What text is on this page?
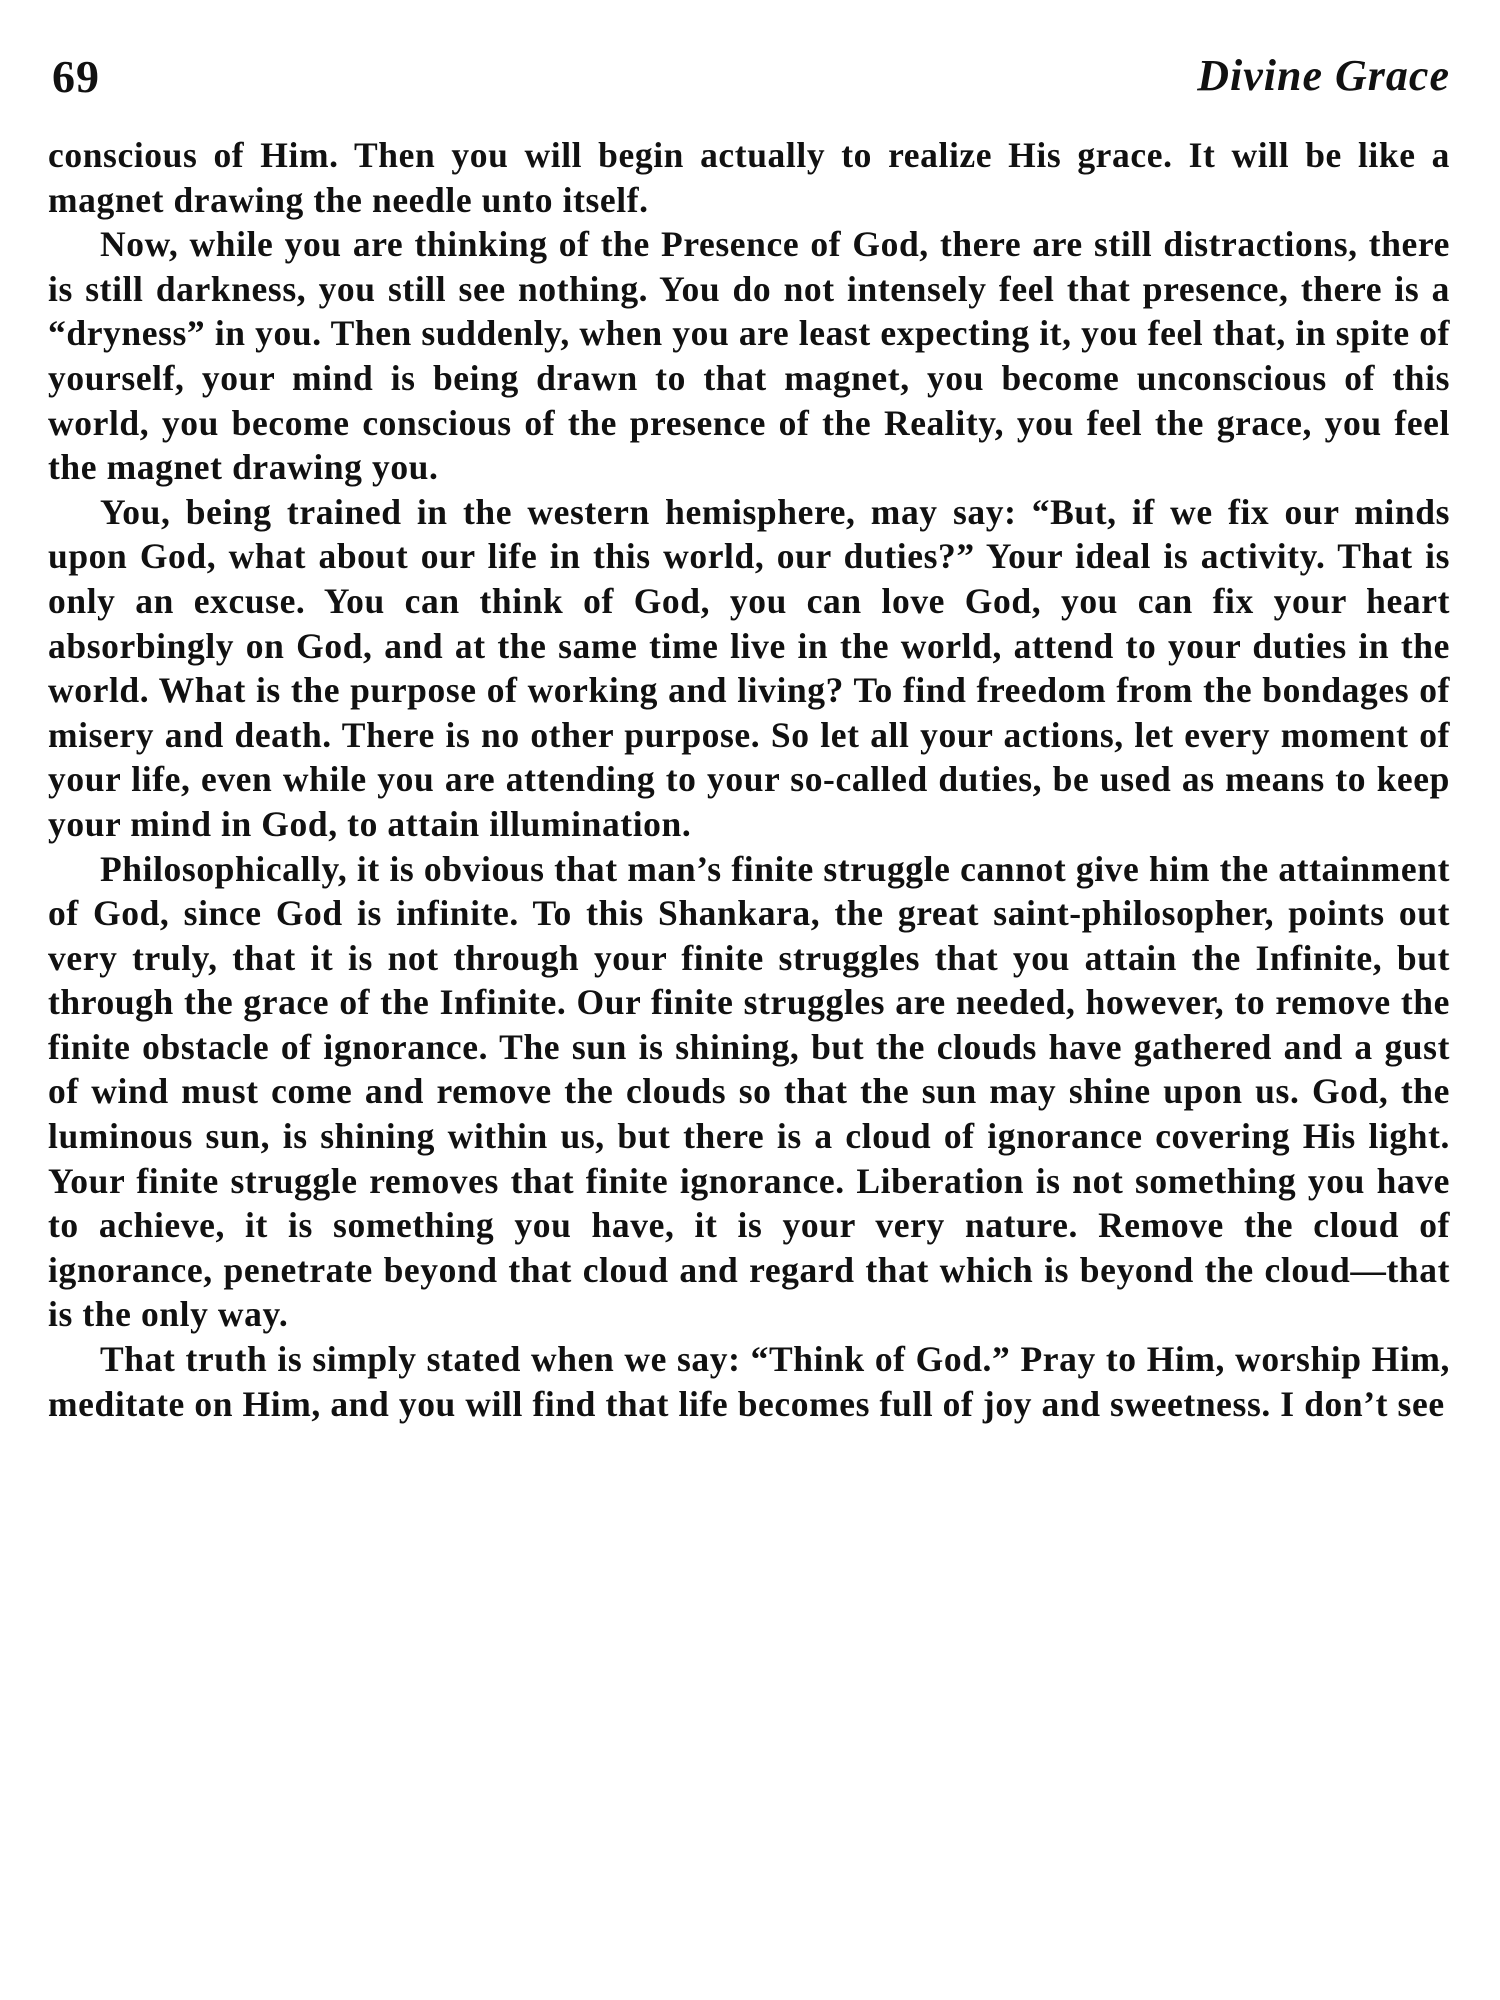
69	Divine Grace

conscious of Him. Then you will begin actually to realize His grace. It will be like a magnet drawing the needle unto itself.

Now, while you are thinking of the Presence of God, there are still distractions, there is still darkness, you still see nothing. You do not intensely feel that presence, there is a “dryness” in you. Then suddenly, when you are least expecting it, you feel that, in spite of yourself, your mind is being drawn to that magnet, you become unconscious of this world, you become conscious of the presence of the Reality, you feel the grace, you feel the magnet drawing you.

You, being trained in the western hemisphere, may say: “But, if we fix our minds upon God, what about our life in this world, our duties?” Your ideal is activity. That is only an excuse. You can think of God, you can love God, you can fix your heart absorbingly on God, and at the same time live in the world, attend to your duties in the world. What is the purpose of working and living? To find freedom from the bondages of misery and death. There is no other purpose. So let all your actions, let every moment of your life, even while you are attending to your so-called duties, be used as means to keep your mind in God, to attain illumination.

Philosophically, it is obvious that man’s finite struggle cannot give him the attainment of God, since God is infinite. To this Shankara, the great saint-philosopher, points out very truly, that it is not through your finite struggles that you attain the Infinite, but through the grace of the Infinite. Our finite struggles are needed, however, to remove the finite obstacle of ignorance. The sun is shining, but the clouds have gathered and a gust of wind must come and remove the clouds so that the sun may shine upon us. God, the luminous sun, is shining within us, but there is a cloud of ignorance covering His light. Your finite struggle removes that finite ignorance. Liberation is not something you have to achieve, it is something you have, it is your very nature. Remove the cloud of ignorance, penetrate beyond that cloud and regard that which is beyond the cloud—that is the only way.

That truth is simply stated when we say: “Think of God.” Pray to Him, worship Him, meditate on Him, and you will find that life becomes full of joy and sweetness. I don’t see
